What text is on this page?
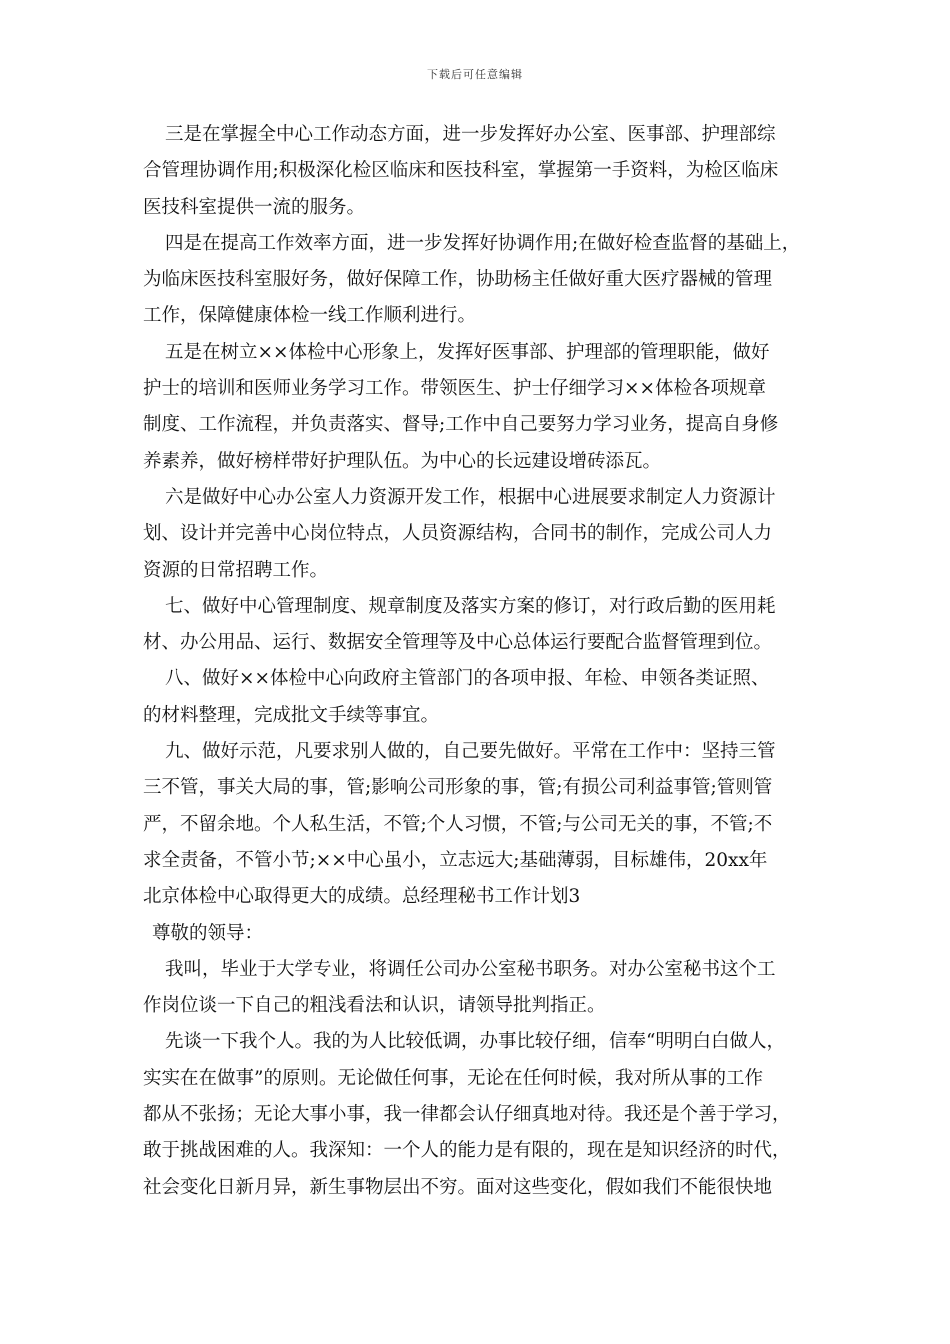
下载后可任意编辑
三是在掌握全中心工作动态方面，进一步发挥好办公室、医事部、护理部综
合管理协调作用;积极深化检区临床和医技科室，掌握第一手资料，为检区临床
医技科室提供一流的服务。
四是在提高工作效率方面，进一步发挥好协调作用;在做好检查监督的基础上，
为临床医技科室服好务，做好保障工作，协助杨主任做好重大医疗器械的管理
工作，保障健康体检一线工作顺利进行。
五是在树立××体检中心形象上，发挥好医事部、护理部的管理职能，做好
护士的培训和医师业务学习工作。带领医生、护士仔细学习××体检各项规章
制度、工作流程，并负责落实、督导;工作中自己要努力学习业务，提高自身修
养素养，做好榜样带好护理队伍。为中心的长远建设增砖添瓦。
六是做好中心办公室人力资源开发工作，根据中心进展要求制定人力资源计
划、设计并完善中心岗位特点，人员资源结构，合同书的制作，完成公司人力
资源的日常招聘工作。
七、做好中心管理制度、规章制度及落实方案的修订，对行政后勤的医用耗
材、办公用品、运行、数据安全管理等及中心总体运行要配合监督管理到位。
八、做好××体检中心向政府主管部门的各项申报、年检、申领各类证照、
的材料整理，完成批文手续等事宜。
九、做好示范，凡要求别人做的，自己要先做好。平常在工作中：坚持三管
三不管，事关大局的事，管;影响公司形象的事，管;有损公司利益事管;管则管
严，不留余地。个人私生活，不管;个人习惯，不管;与公司无关的事，不管;不
求全责备，不管小节;××中心虽小，立志远大;基础薄弱，目标雄伟，20xx年
北京体检中心取得更大的成绩。总经理秘书工作计划3
尊敬的领导：
我叫，毕业于大学专业，将调任公司办公室秘书职务。对办公室秘书这个工
作岗位谈一下自己的粗浅看法和认识，请领导批判指正。
先谈一下我个人。我的为人比较低调，办事比较仔细，信奉“明明白白做人，
实实在在做事”的原则。无论做任何事，无论在任何时候，我对所从事的工作
都从不张扬；无论大事小事，我一律都会认仔细真地对待。我还是个善于学习，
敢于挑战困难的人。我深知：一个人的能力是有限的，现在是知识经济的时代，
社会变化日新月异，新生事物层出不穷。面对这些变化，假如我们不能很快地
